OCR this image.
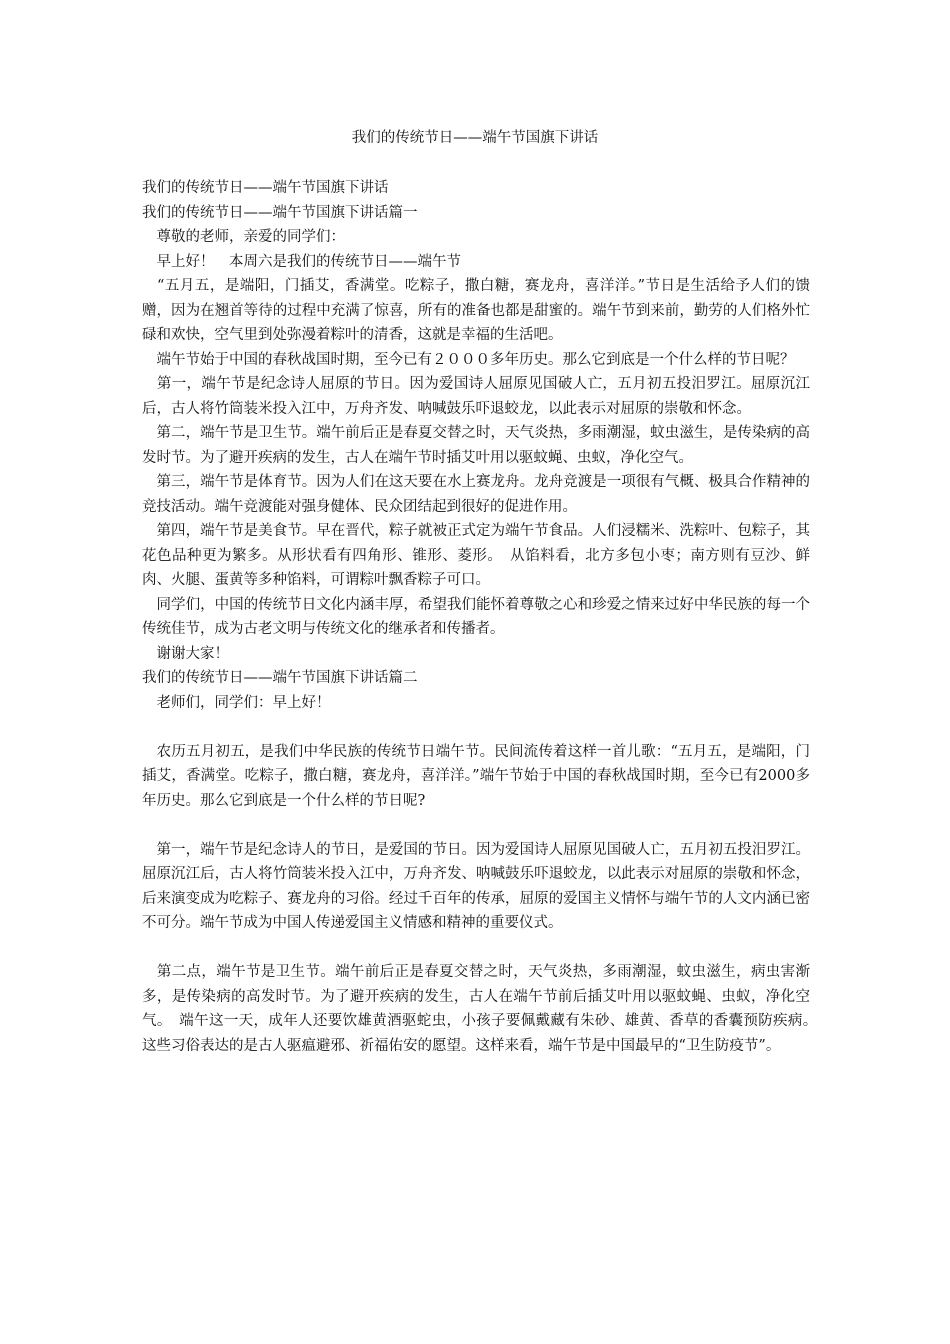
我们的传统节日——端午节国旗下讲话
我们的传统节日——端午节国旗下讲话
我们的传统节日——端午节国旗下讲话篇一
　尊敬的老师，亲爱的同学们：
　早上好！　本周六是我们的传统节日——端午节
　“五月五，是端阳，门插艾，香满堂。吃粽子，撒白糖，赛龙舟，喜洋洋。”节日是生活给予人们的馈赠，因为在翘首等待的过程中充满了惊喜，所有的准备也都是甜蜜的。端午节到来前，勤劳的人们格外忙碌和欢快，空气里到处弥漫着粽叶的清香，这就是幸福的生活吧。
　端午节始于中国的春秋战国时期，至今已有２０００多年历史。那么它到底是一个什么样的节日呢？
　第一，端午节是纪念诗人屈原的节日。因为爱国诗人屈原见国破人亡，五月初五投汨罗江。屈原沉江后，古人将竹筒装米投入江中，万舟齐发、呐喊鼓乐吓退蛟龙，以此表示对屈原的崇敬和怀念。
　第二，端午节是卫生节。端午前后正是春夏交替之时，天气炎热，多雨潮湿，蚊虫滋生，是传染病的高发时节。为了避开疾病的发生，古人在端午节时插艾叶用以驱蚊蝇、虫蚁，净化空气。
　第三，端午节是体育节。因为人们在这天要在水上赛龙舟。龙舟竞渡是一项很有气概、极具合作精神的竞技活动。端午竞渡能对强身健体、民众团结起到很好的促进作用。
　第四，端午节是美食节。早在晋代，粽子就被正式定为端午节食品。人们浸糯米、洗粽叶、包粽子，其花色品种更为繁多。从形状看有四角形、锥形、菱形。　从馅料看，北方多包小枣；南方则有豆沙、鲜肉、火腿、蛋黄等多种馅料，可谓粽叶飘香粽子可口。
　同学们，中国的传统节日文化内涵丰厚，希望我们能怀着尊敬之心和珍爱之情来过好中华民族的每一个传统佳节，成为古老文明与传统文化的继承者和传播者。
　谢谢大家！
我们的传统节日——端午节国旗下讲话篇二
　老师们，同学们：早上好！
　农历五月初五，是我们中华民族的传统节日端午节。民间流传着这样一首儿歌：“五月五，是端阳，门插艾，香满堂。吃粽子，撒白糖，赛龙舟，喜洋洋。”端午节始于中国的春秋战国时期，至今已有2000多年历史。那么它到底是一个什么样的节日呢?
　第一，端午节是纪念诗人的节日，是爱国的节日。因为爱国诗人屈原见国破人亡，五月初五投汨罗江。屈原沉江后，古人将竹筒装米投入江中，万舟齐发、呐喊鼓乐吓退蛟龙，以此表示对屈原的崇敬和怀念，后来演变成为吃粽子、赛龙舟的习俗。经过千百年的传承，屈原的爱国主义情怀与端午节的人文内涵已密不可分。端午节成为中国人传递爱国主义情感和精神的重要仪式。
　第二点，端午节是卫生节。端午前后正是春夏交替之时，天气炎热，多雨潮湿，蚊虫滋生，病虫害渐多，是传染病的高发时节。为了避开疾病的发生，古人在端午节前后插艾叶用以驱蚊蝇、虫蚁，净化空气。　端午这一天，成年人还要饮雄黄酒驱蛇虫，小孩子要佩戴藏有朱砂、雄黄、香草的香囊预防疾病。　这些习俗表达的是古人驱瘟避邪、祈福佑安的愿望。这样来看，端午节是中国最早的“卫生防疫节”。
